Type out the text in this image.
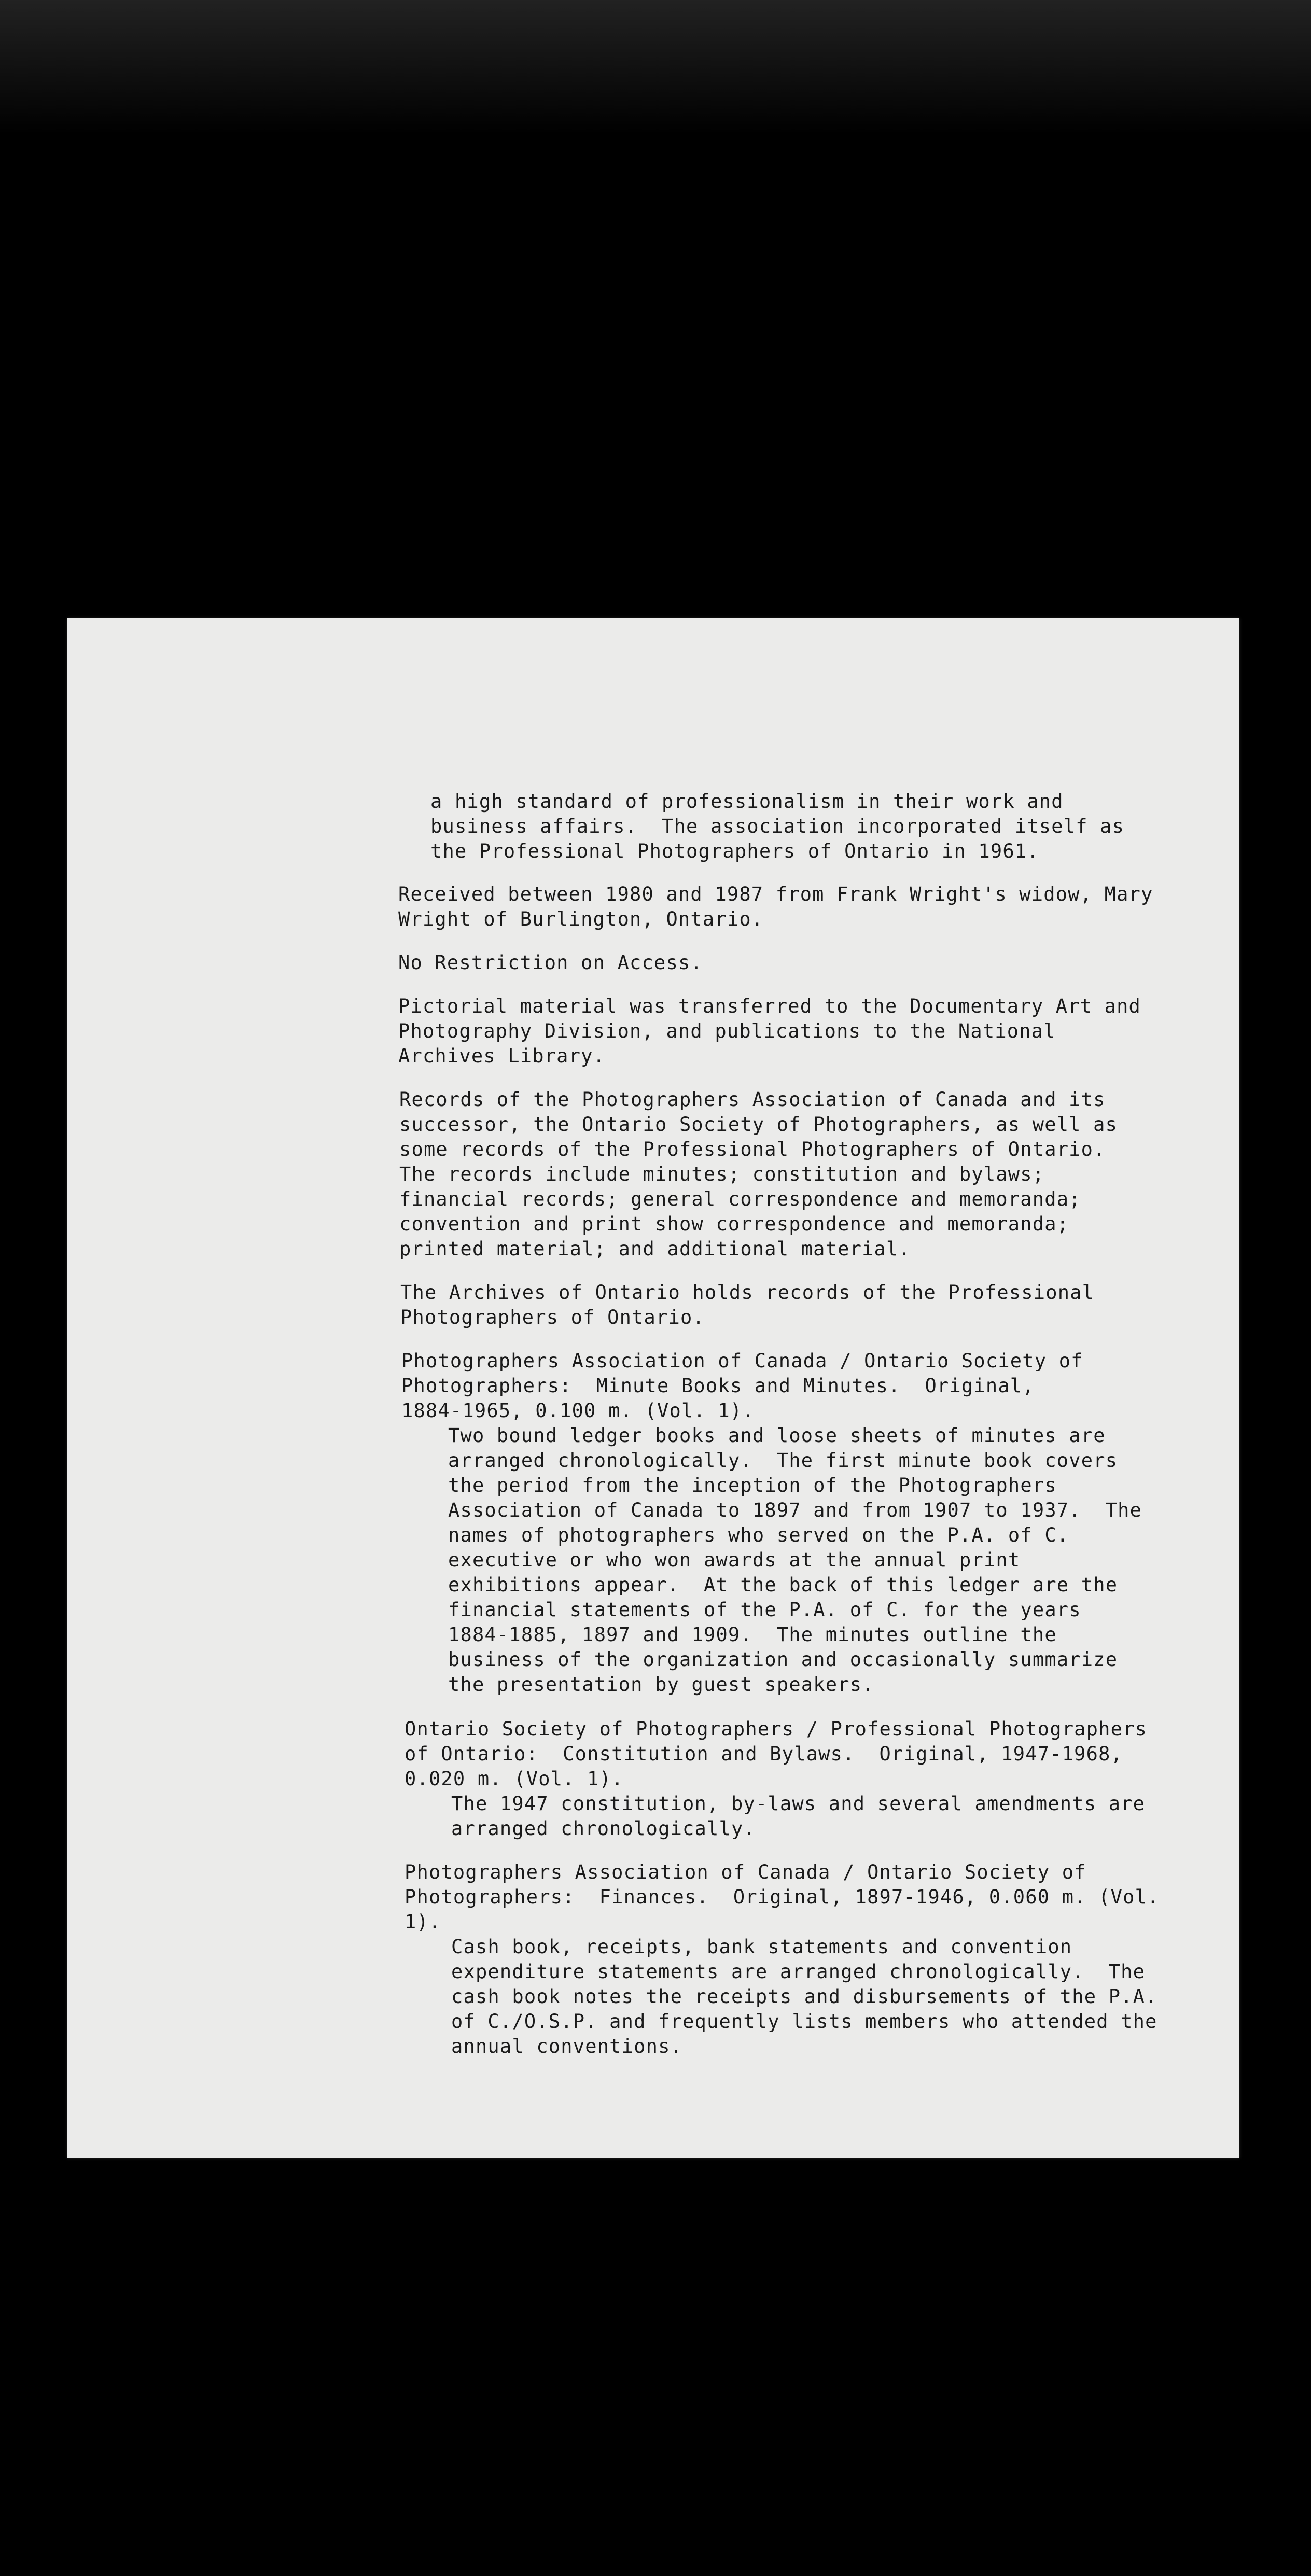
a high standard of professionalism in their work and
business affairs.  The association incorporated itself as
the Professional Photographers of Ontario in 1961.
Received between 1980 and 1987 from Frank Wright's widow, Mary
Wright of Burlington, Ontario.
No Restriction on Access.
Pictorial material was transferred to the Documentary Art and
Photography Division, and publications to the National
Archives Library.
Records of the Photographers Association of Canada and its
successor, the Ontario Society of Photographers, as well as
some records of the Professional Photographers of Ontario.
The records include minutes; constitution and bylaws;
financial records; general correspondence and memoranda;
convention and print show correspondence and memoranda;
printed material; and additional material.
The Archives of Ontario holds records of the Professional
Photographers of Ontario.
Photographers Association of Canada / Ontario Society of
Photographers:  Minute Books and Minutes.  Original,
1884-1965, 0.100 m. (Vol. 1).
Two bound ledger books and loose sheets of minutes are
arranged chronologically.  The first minute book covers
the period from the inception of the Photographers
Association of Canada to 1897 and from 1907 to 1937.  The
names of photographers who served on the P.A. of C.
executive or who won awards at the annual print
exhibitions appear.  At the back of this ledger are the
financial statements of the P.A. of C. for the years
1884-1885, 1897 and 1909.  The minutes outline the
business of the organization and occasionally summarize
the presentation by guest speakers.
Ontario Society of Photographers / Professional Photographers
of Ontario:  Constitution and Bylaws.  Original, 1947-1968,
0.020 m. (Vol. 1).
The 1947 constitution, by-laws and several amendments are
arranged chronologically.
Photographers Association of Canada / Ontario Society of
Photographers:  Finances.  Original, 1897-1946, 0.060 m. (Vol.
1).
Cash book, receipts, bank statements and convention
expenditure statements are arranged chronologically.  The
cash book notes the receipts and disbursements of the P.A.
of C./O.S.P. and frequently lists members who attended the
annual conventions.
